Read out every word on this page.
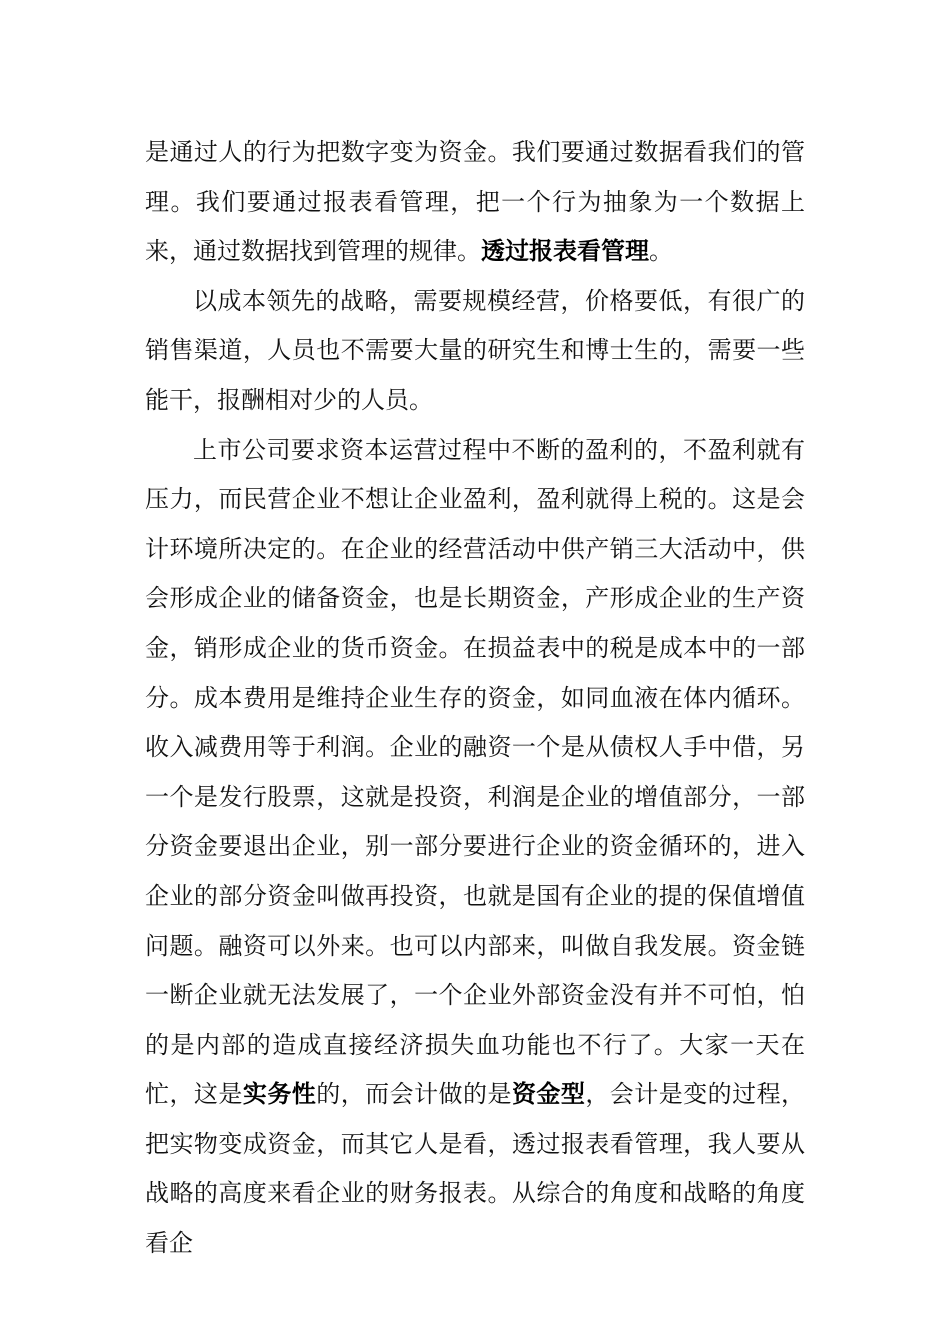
是通过人的行为把数字变为资金。我们要通过数据看我们的管理。我们要通过报表看管理，把一个行为抽象为一个数据上来，通过数据找到管理的规律。透过报表看管理。

以成本领先的战略，需要规模经营，价格要低，有很广的销售渠道，人员也不需要大量的研究生和博士生的，需要一些能干，报酬相对少的人员。

上市公司要求资本运营过程中不断的盈利的，不盈利就有压力，而民营企业不想让企业盈利，盈利就得上税的。这是会计环境所决定的。在企业的经营活动中供产销三大活动中，供会形成企业的储备资金，也是长期资金，产形成企业的生产资金，销形成企业的货币资金。在损益表中的税是成本中的一部分。成本费用是维持企业生存的资金，如同血液在体内循环。收入减费用等于利润。企业的融资一个是从债权人手中借，另一个是发行股票，这就是投资，利润是企业的增值部分，一部分资金要退出企业，别一部分要进行企业的资金循环的，进入企业的部分资金叫做再投资，也就是国有企业的提的保值增值问题。融资可以外来。也可以内部来，叫做自我发展。资金链一断企业就无法发展了，一个企业外部资金没有并不可怕，怕的是内部的造成直接经济损失血功能也不行了。大家一天在忙，这是实务性的，而会计做的是资金型，会计是变的过程，把实物变成资金，而其它人是看，透过报表看管理，我人要从战略的高度来看企业的财务报表。从综合的角度和战略的角度看企
